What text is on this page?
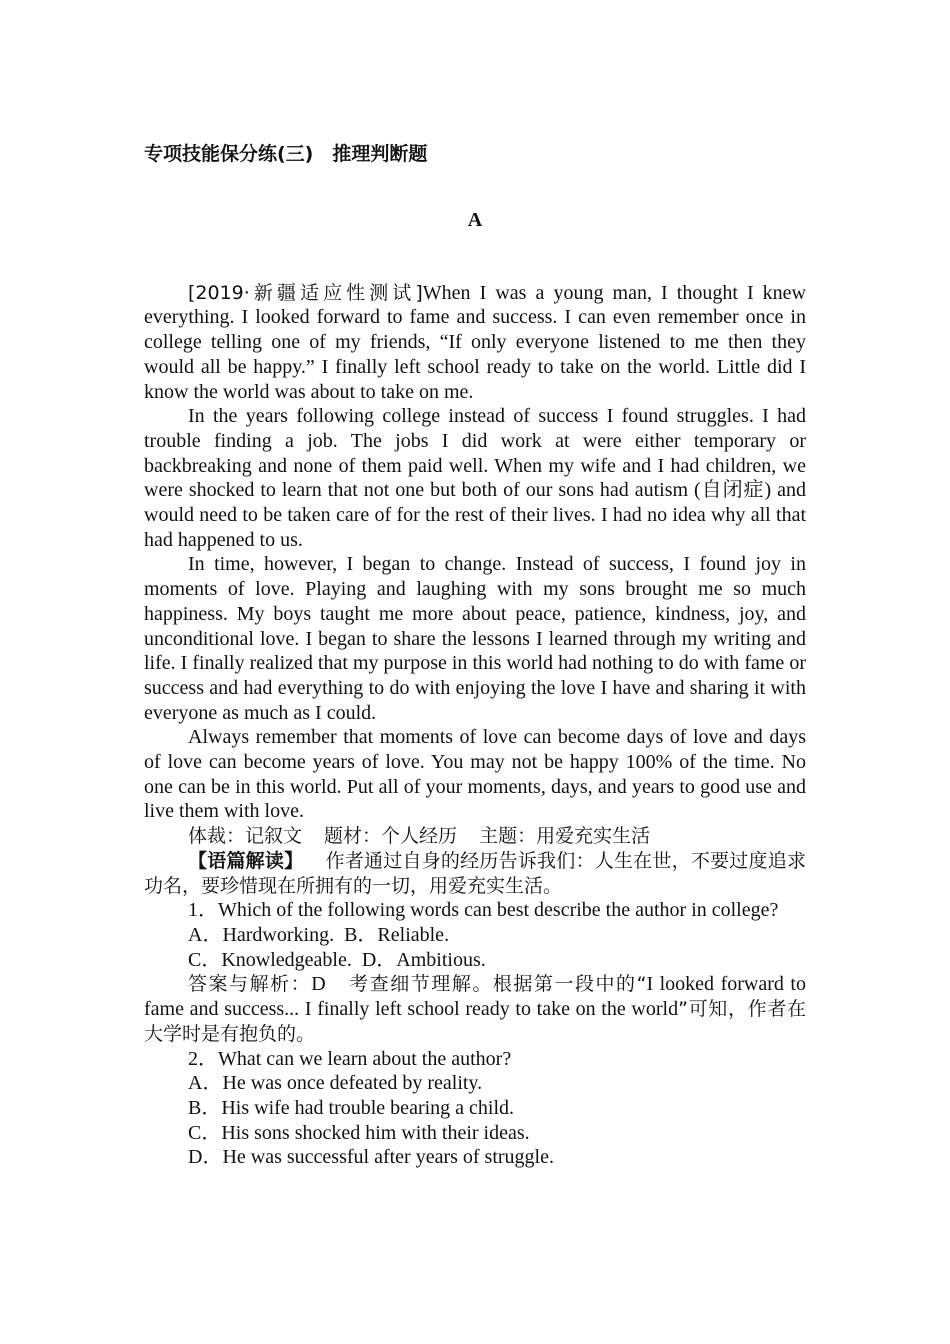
专项技能保分练(三)　推理判断题
A

[2019·新疆适应性测试]When I was a young man, I thought I knew everything. I looked forward to fame and success. I can even remember once in college telling one of my friends, “If only everyone listened to me then they would all be happy.” I finally left school ready to take on the world. Little did I know the world was about to take on me.

In the years following college instead of success I found struggles. I had trouble finding a job. The jobs I did work at were either temporary or backbreaking and none of them paid well. When my wife and I had children, we were shocked to learn that not one but both of our sons had autism (自闭症) and would need to be taken care of for the rest of their lives. I had no idea why all that had happened to us.

In time, however, I began to change. Instead of success, I found joy in moments of love. Playing and laughing with my sons brought me so much happiness. My boys taught me more about peace, patience, kindness, joy, and unconditional love. I began to share the lessons I learned through my writing and life. I finally realized that my purpose in this world had nothing to do with fame or success and had everything to do with enjoying the love I have and sharing it with everyone as much as I could.

Always remember that moments of love can become days of love and days of love can become years of love. You may not be happy 100% of the time. No one can be in this world. Put all of your moments, days, and years to good use and live them with love.

体裁：记叙文 题材：个人经历 主题：用爱充实生活

【语篇解读】 作者通过自身的经历告诉我们：人生在世，不要过度追求功名，要珍惜现在所拥有的一切，用爱充实生活。

1．Which of the following words can best describe the author in college?

A．Hardworking.  B．Reliable.

C．Knowledgeable.  D．Ambitious.

答案与解析：D 考查细节理解。根据第一段中的“I looked forward to fame and success... I finally left school ready to take on the world”可知，作者在大学时是有抱负的。

2．What can we learn about the author?

A．He was once defeated by reality.

B．His wife had trouble bearing a child.

C．His sons shocked him with their ideas.

D．He was successful after years of struggle.
